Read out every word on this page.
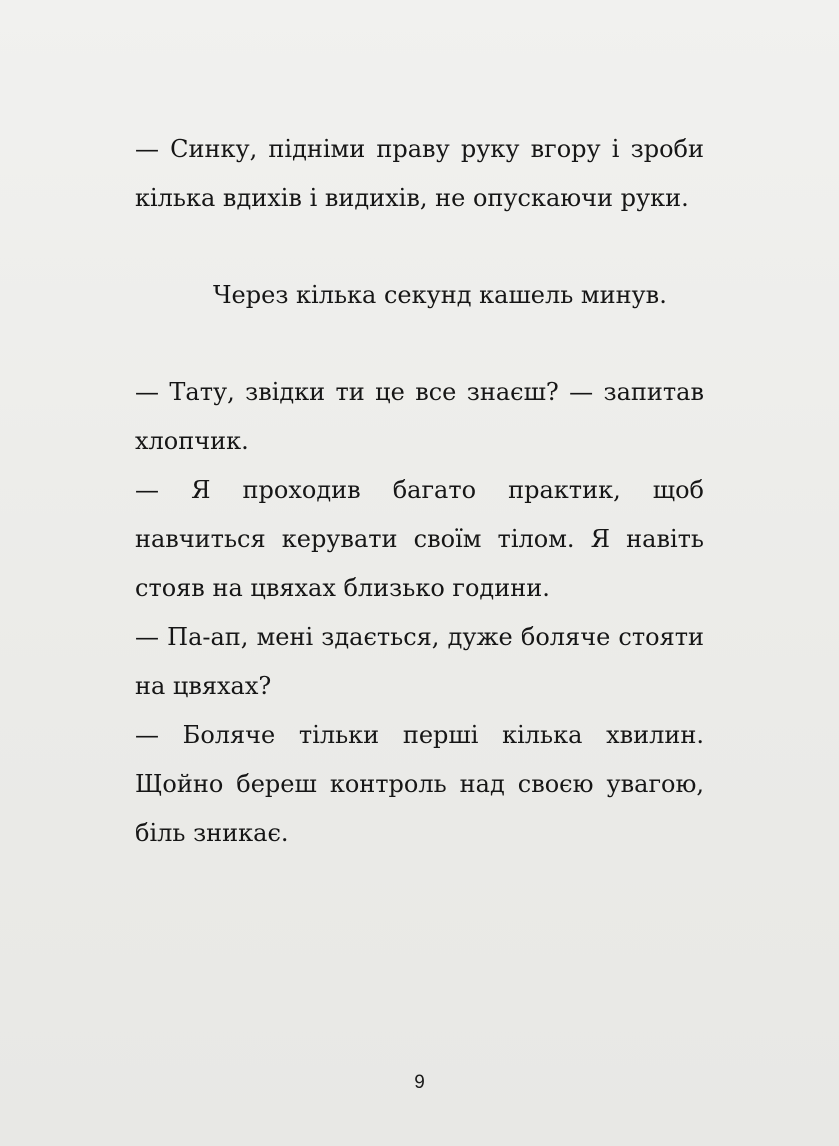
— Синку, підніми праву руку вгору і зроби кілька вдихів і видихів, не опускаючи руки.

Через кілька секунд кашель минув.

— Тату, звідки ти це все знаєш? — запитав хлопчик.

— Я проходив багато практик, щоб навчиться керувати своїм тілом. Я навіть стояв на цвяхах близько години.

— Па-ап, мені здається, дуже боляче стояти на цвяхах?

— Боляче тільки перші кілька хвилин. Щойно береш контроль над своєю увагою, біль зникає.

9
